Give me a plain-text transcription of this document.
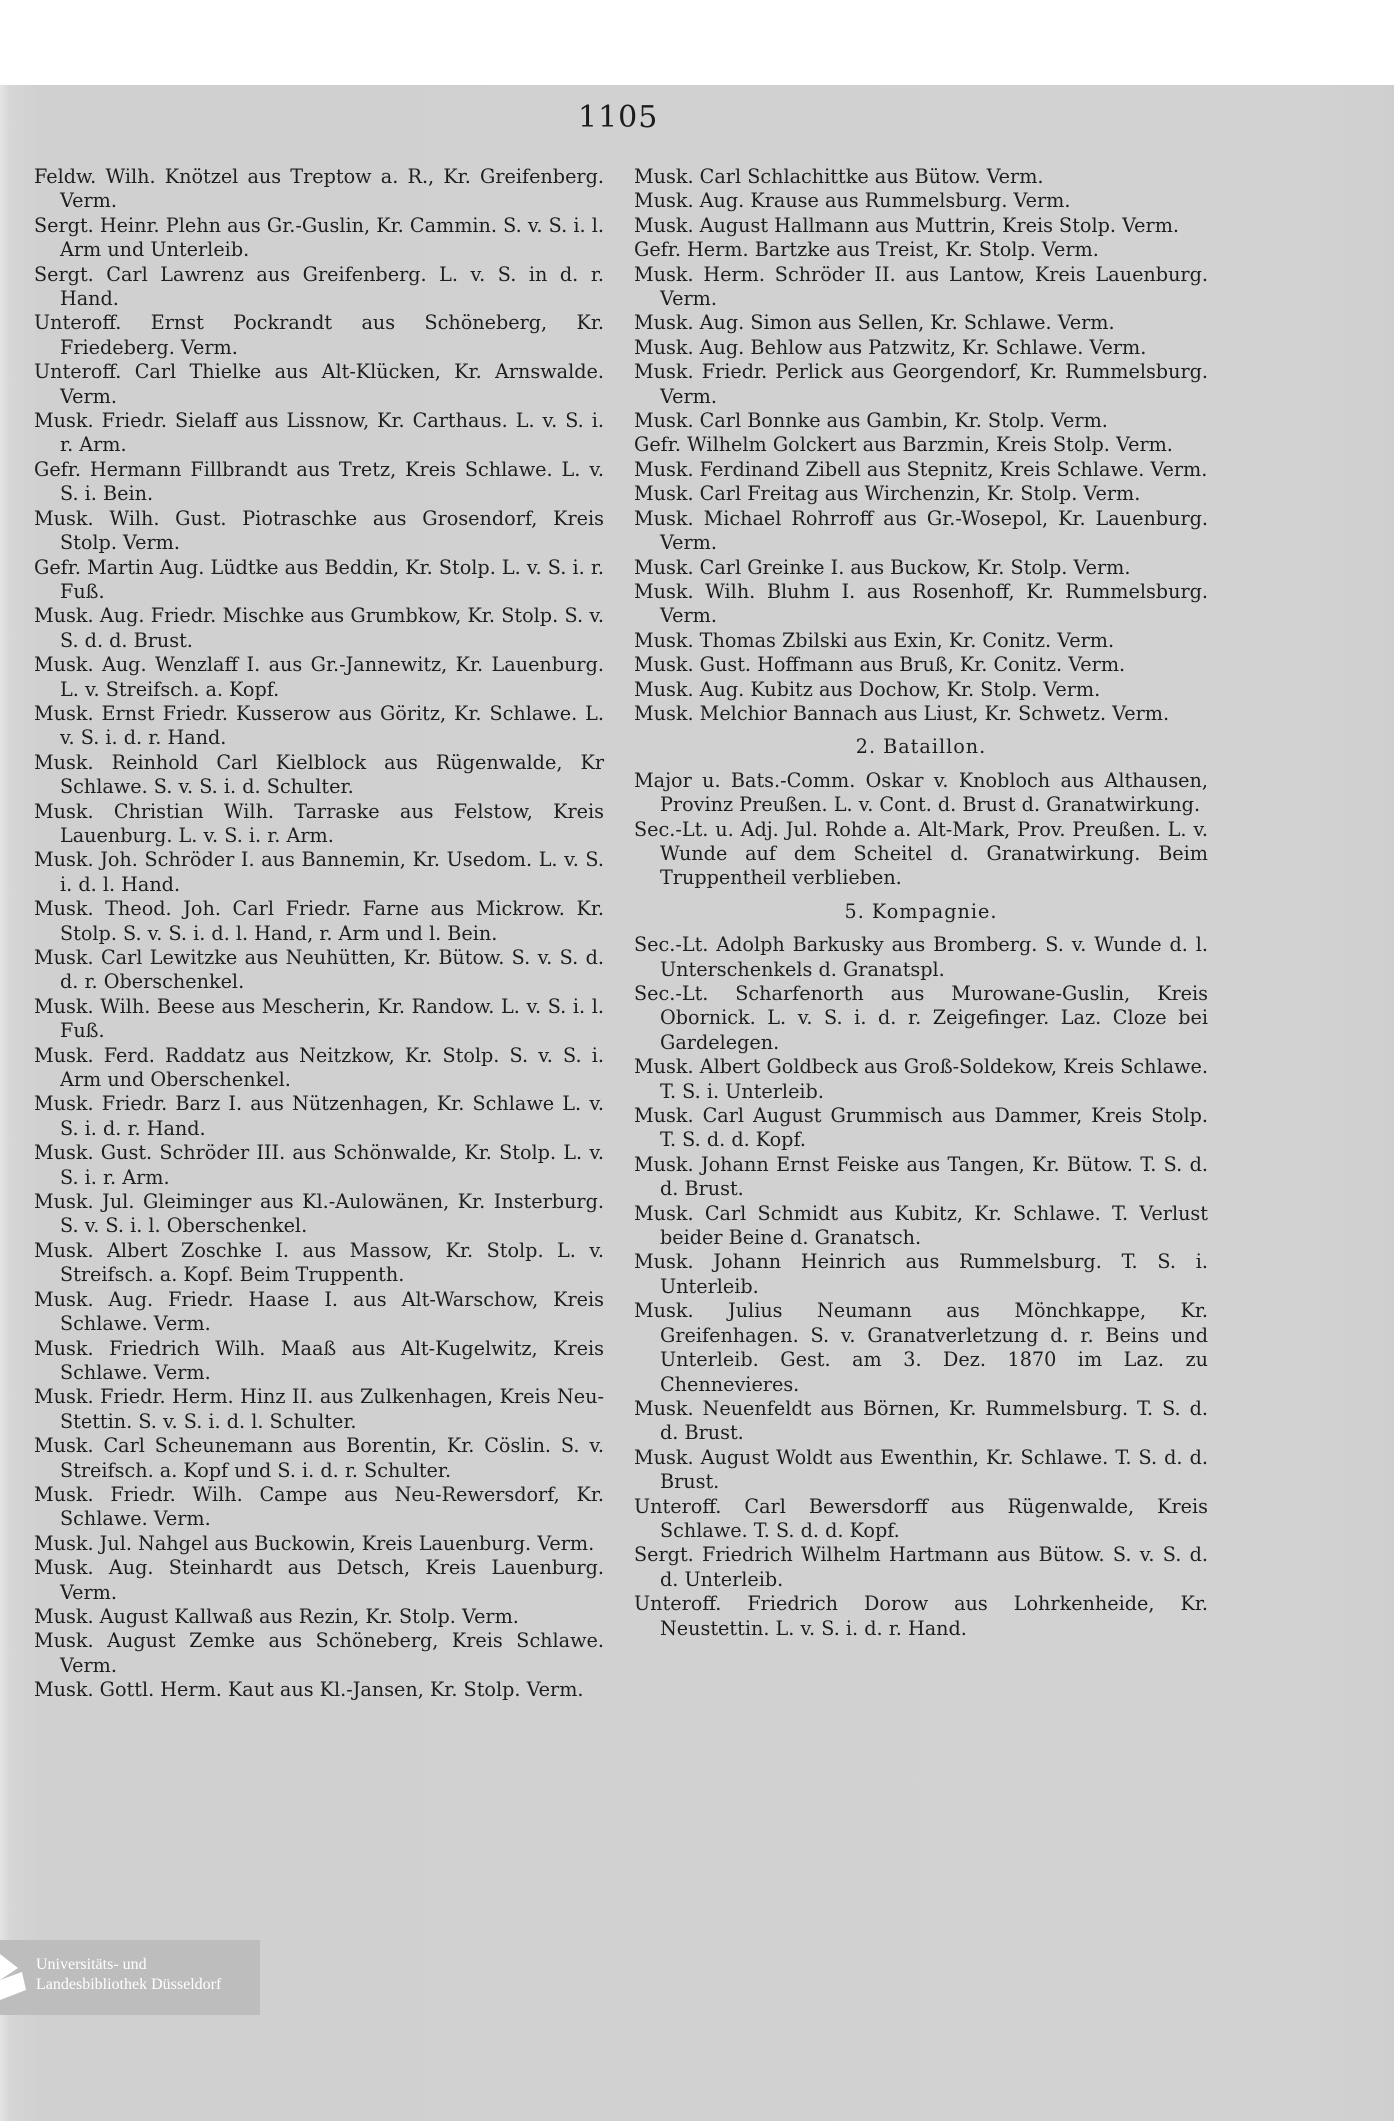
1105

Feldw. Wilh. Knötzel aus Treptow a. R., Kr. Greifenberg. Verm.

Sergt. Heinr. Plehn aus Gr.-Guslin, Kr. Cammin. S. v. S. i. l. Arm und Unterleib.

Sergt. Carl Lawrenz aus Greifenberg. L. v. S. in d. r. Hand.

Unteroff. Ernst Pockrandt aus Schöneberg, Kr. Friedeberg. Verm.

Unteroff. Carl Thielke aus Alt-Klücken, Kr. Arnswalde. Verm.

Musk. Friedr. Sielaff aus Lissnow, Kr. Carthaus. L. v. S. i. r. Arm.

Gefr. Hermann Fillbrandt aus Tretz, Kreis Schlawe. L. v. S. i. Bein.

Musk. Wilh. Gust. Piotraschke aus Grosendorf, Kreis Stolp. Verm.

Gefr. Martin Aug. Lüdtke aus Beddin, Kr. Stolp. L. v. S. i. r. Fuß.

Musk. Aug. Friedr. Mischke aus Grumbkow, Kr. Stolp. S. v. S. d. d. Brust.

Musk. Aug. Wenzlaff I. aus Gr.-Jannewitz, Kr. Lauenburg. L. v. Streifsch. a. Kopf.

Musk. Ernst Friedr. Kusserow aus Göritz, Kr. Schlawe. L. v. S. i. d. r. Hand.

Musk. Reinhold Carl Kielblock aus Rügenwalde, Kr Schlawe. S. v. S. i. d. Schulter.

Musk. Christian Wilh. Tarraske aus Felstow, Kreis Lauenburg. L. v. S. i. r. Arm.

Musk. Joh. Schröder I. aus Bannemin, Kr. Usedom. L. v. S. i. d. l. Hand.

Musk. Theod. Joh. Carl Friedr. Farne aus Mickrow. Kr. Stolp. S. v. S. i. d. l. Hand, r. Arm und l. Bein.

Musk. Carl Lewitzke aus Neuhütten, Kr. Bütow. S. v. S. d. d. r. Oberschenkel.

Musk. Wilh. Beese aus Mescherin, Kr. Randow. L. v. S. i. l. Fuß.

Musk. Ferd. Raddatz aus Neitzkow, Kr. Stolp. S. v. S. i. Arm und Oberschenkel.

Musk. Friedr. Barz I. aus Nützenhagen, Kr. Schlawe L. v. S. i. d. r. Hand.

Musk. Gust. Schröder III. aus Schönwalde, Kr. Stolp. L. v. S. i. r. Arm.

Musk. Jul. Gleiminger aus Kl.-Aulowänen, Kr. Insterburg. S. v. S. i. l. Oberschenkel.

Musk. Albert Zoschke I. aus Massow, Kr. Stolp. L. v. Streifsch. a. Kopf. Beim Truppenth.

Musk. Aug. Friedr. Haase I. aus Alt-Warschow, Kreis Schlawe. Verm.

Musk. Friedrich Wilh. Maaß aus Alt-Kugelwitz, Kreis Schlawe. Verm.

Musk. Friedr. Herm. Hinz II. aus Zulkenhagen, Kreis Neu-Stettin. S. v. S. i. d. l. Schulter.

Musk. Carl Scheunemann aus Borentin, Kr. Cöslin. S. v. Streifsch. a. Kopf und S. i. d. r. Schulter.

Musk. Friedr. Wilh. Campe aus Neu-Rewersdorf, Kr. Schlawe. Verm.

Musk. Jul. Nahgel aus Buckowin, Kreis Lauenburg. Verm.

Musk. Aug. Steinhardt aus Detsch, Kreis Lauenburg. Verm.

Musk. August Kallwaß aus Rezin, Kr. Stolp. Verm.

Musk. August Zemke aus Schöneberg, Kreis Schlawe. Verm.

Musk. Gottl. Herm. Kaut aus Kl.-Jansen, Kr. Stolp. Verm.

Musk. Carl Schlachittke aus Bütow. Verm.

Musk. Aug. Krause aus Rummelsburg. Verm.

Musk. August Hallmann aus Muttrin, Kreis Stolp. Verm.

Gefr. Herm. Bartzke aus Treist, Kr. Stolp. Verm.

Musk. Herm. Schröder II. aus Lantow, Kreis Lauenburg. Verm.

Musk. Aug. Simon aus Sellen, Kr. Schlawe. Verm.

Musk. Aug. Behlow aus Patzwitz, Kr. Schlawe. Verm.

Musk. Friedr. Perlick aus Georgendorf, Kr. Rummelsburg. Verm.

Musk. Carl Bonnke aus Gambin, Kr. Stolp. Verm.

Gefr. Wilhelm Golckert aus Barzmin, Kreis Stolp. Verm.

Musk. Ferdinand Zibell aus Stepnitz, Kreis Schlawe. Verm.

Musk. Carl Freitag aus Wirchenzin, Kr. Stolp. Verm.

Musk. Michael Rohrroff aus Gr.-Wosepol, Kr. Lauenburg. Verm.

Musk. Carl Greinke I. aus Buckow, Kr. Stolp. Verm.

Musk. Wilh. Bluhm I. aus Rosenhoff, Kr. Rummelsburg. Verm.

Musk. Thomas Zbilski aus Exin, Kr. Conitz. Verm.

Musk. Gust. Hoffmann aus Bruß, Kr. Conitz. Verm.

Musk. Aug. Kubitz aus Dochow, Kr. Stolp. Verm.

Musk. Melchior Bannach aus Liust, Kr. Schwetz. Verm.

2. Bataillon.

Major u. Bats.-Comm. Oskar v. Knobloch aus Althausen, Provinz Preußen. L. v. Cont. d. Brust d. Granatwirkung.

Sec.-Lt. u. Adj. Jul. Rohde a. Alt-Mark, Prov. Preußen. L. v. Wunde auf dem Scheitel d. Granatwirkung. Beim Truppentheil verblieben.

5. Kompagnie.

Sec.-Lt. Adolph Barkusky aus Bromberg. S. v. Wunde d. l. Unterschenkels d. Granatspl.

Sec.-Lt. Scharfenorth aus Murowane-Guslin, Kreis Obornick. L. v. S. i. d. r. Zeigefinger. Laz. Cloze bei Gardelegen.

Musk. Albert Goldbeck aus Groß-Soldekow, Kreis Schlawe. T. S. i. Unterleib.

Musk. Carl August Grummisch aus Dammer, Kreis Stolp. T. S. d. d. Kopf.

Musk. Johann Ernst Feiske aus Tangen, Kr. Bütow. T. S. d. d. Brust.

Musk. Carl Schmidt aus Kubitz, Kr. Schlawe. T. Verlust beider Beine d. Granatsch.

Musk. Johann Heinrich aus Rummelsburg. T. S. i. Unterleib.

Musk. Julius Neumann aus Mönchkappe, Kr. Greifenhagen. S. v. Granatverletzung d. r. Beins und Unterleib. Gest. am 3. Dez. 1870 im Laz. zu Chennevieres.

Musk. Neuenfeldt aus Börnen, Kr. Rummelsburg. T. S. d. d. Brust.

Musk. August Woldt aus Ewenthin, Kr. Schlawe. T. S. d. d. Brust.

Unteroff. Carl Bewersdorff aus Rügenwalde, Kreis Schlawe. T. S. d. d. Kopf.

Sergt. Friedrich Wilhelm Hartmann aus Bütow. S. v. S. d. d. Unterleib.

Unteroff. Friedrich Dorow aus Lohrkenheide, Kr. Neustettin. L. v. S. i. d. r. Hand.

Universitäts- und
Landesbibliothek Düsseldorf
